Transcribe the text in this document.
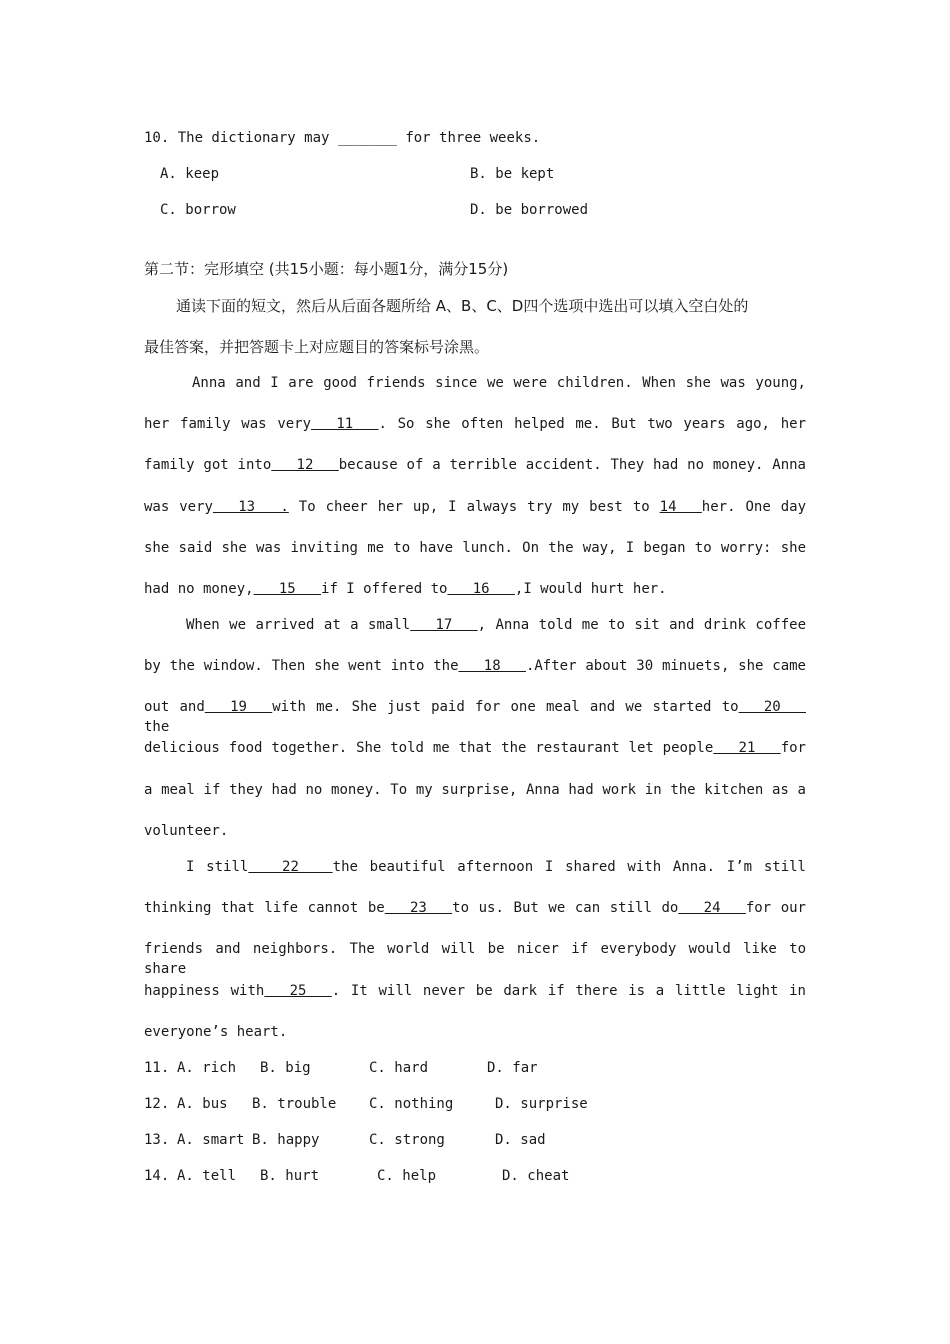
10. The dictionary may _______ for three weeks.
A. keep	B. be kept
C. borrow	D. be borrowed
第二节：完形填空 (共15小题：每小题1分，满分15分)
通读下面的短文，然后从后面各题所给 A、B、C、D四个选项中选出可以填入空白处的
最佳答案，并把答题卡上对应题目的答案标号涂黑。
Anna and I are good friends since we were children. When she was young,
her family was very   11   . So she often helped me. But two years ago, her
family got into   12   because of a terrible accident. They had no money. Anna
was very   13   . To cheer her up, I always try my best to 14   her. One day
she said she was inviting me to have lunch. On the way, I began to worry: she
had no money,   15   if I offered to   16   ,I would hurt her.
When we arrived at a small   17   , Anna told me to sit and drink coffee
by the window. Then she went into the   18   .After about 30 minuets, she came
out and   19   with me. She just paid for one meal and we started to   20   the
delicious food together. She told me that the restaurant let people   21   for
a meal if they had no money. To my surprise, Anna had work in the kitchen as a
volunteer.
I still    22    the beautiful afternoon I shared with Anna. I’m still
thinking that life cannot be   23   to us. But we can still do   24   for our
friends and neighbors. The world will be nicer if everybody would like to share
happiness with   25   . It will never be dark if there is a little light in
everyone’s heart.
11. A. rich B. big	C. hard	D. far
12. A. bus B. trouble C. nothing	D. surprise
13. A. smart B. happy	C. strong	D. sad
14. A. tell B. hurt	C. help	D. cheat
